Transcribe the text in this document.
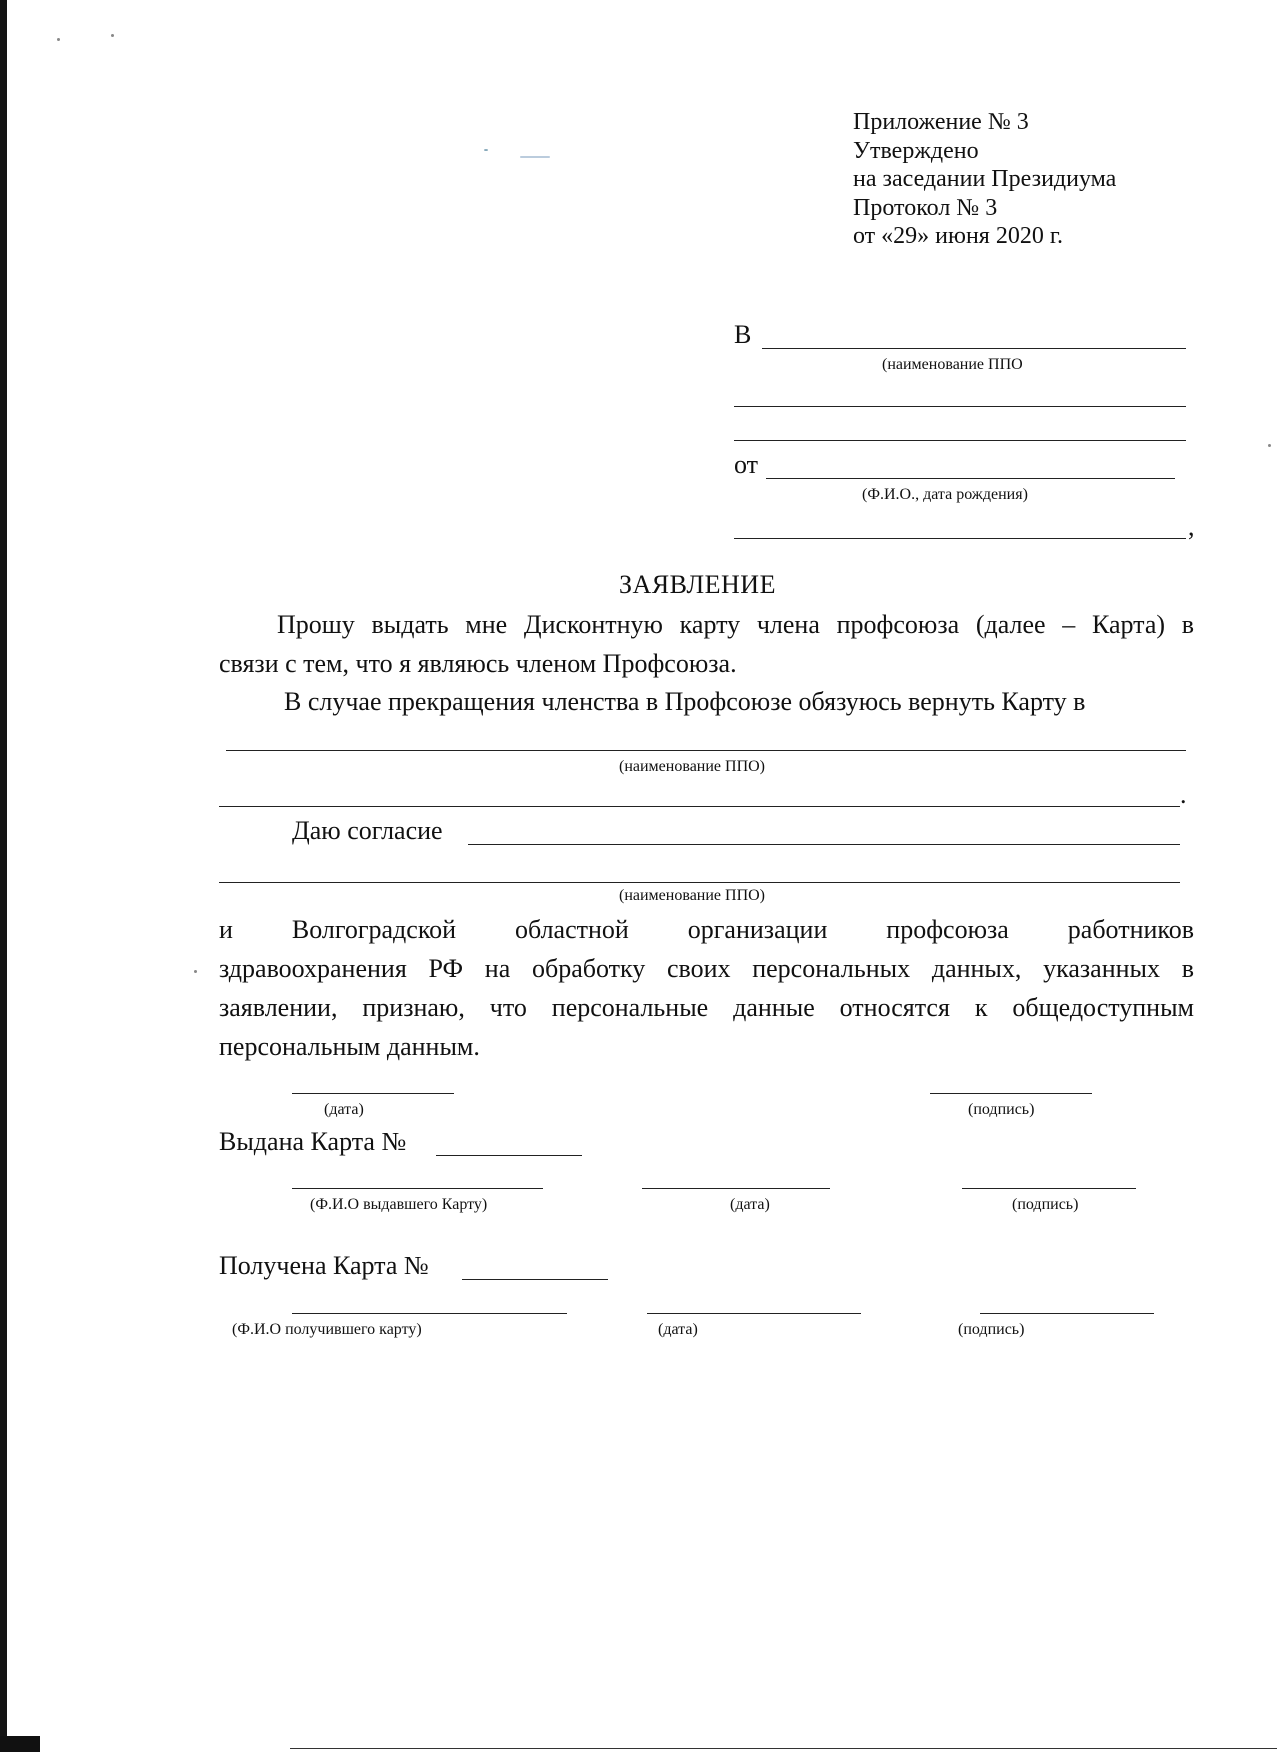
Приложение № 3
Утверждено
на заседании Президиума
Протокол № 3
от «29» июня 2020 г.
В
(наименование ППО
от
(Ф.И.О., дата рождения)
,
ЗАЯВЛЕНИЕ
Прошу выдать мне Дисконтную карту члена профсоюза (далее – Карта) в
связи с тем, что я являюсь членом Профсоюза.
В случае прекращения членства в Профсоюзе обязуюсь вернуть Карту в
(наименование ППО)
.
Даю согласие
(наименование ППО)
и Волгоградской областной организации профсоюза работников
здравоохранения РФ на обработку своих персональных данных, указанных в
заявлении, признаю, что персональные данные относятся к общедоступным
персональным данным.
(дата)	(подпись)
Выдана Карта №
(Ф.И.О выдавшего Карту)	(дата)	(подпись)
Получена Карта №
(Ф.И.О получившего карту)	(дата)	(подпись)
